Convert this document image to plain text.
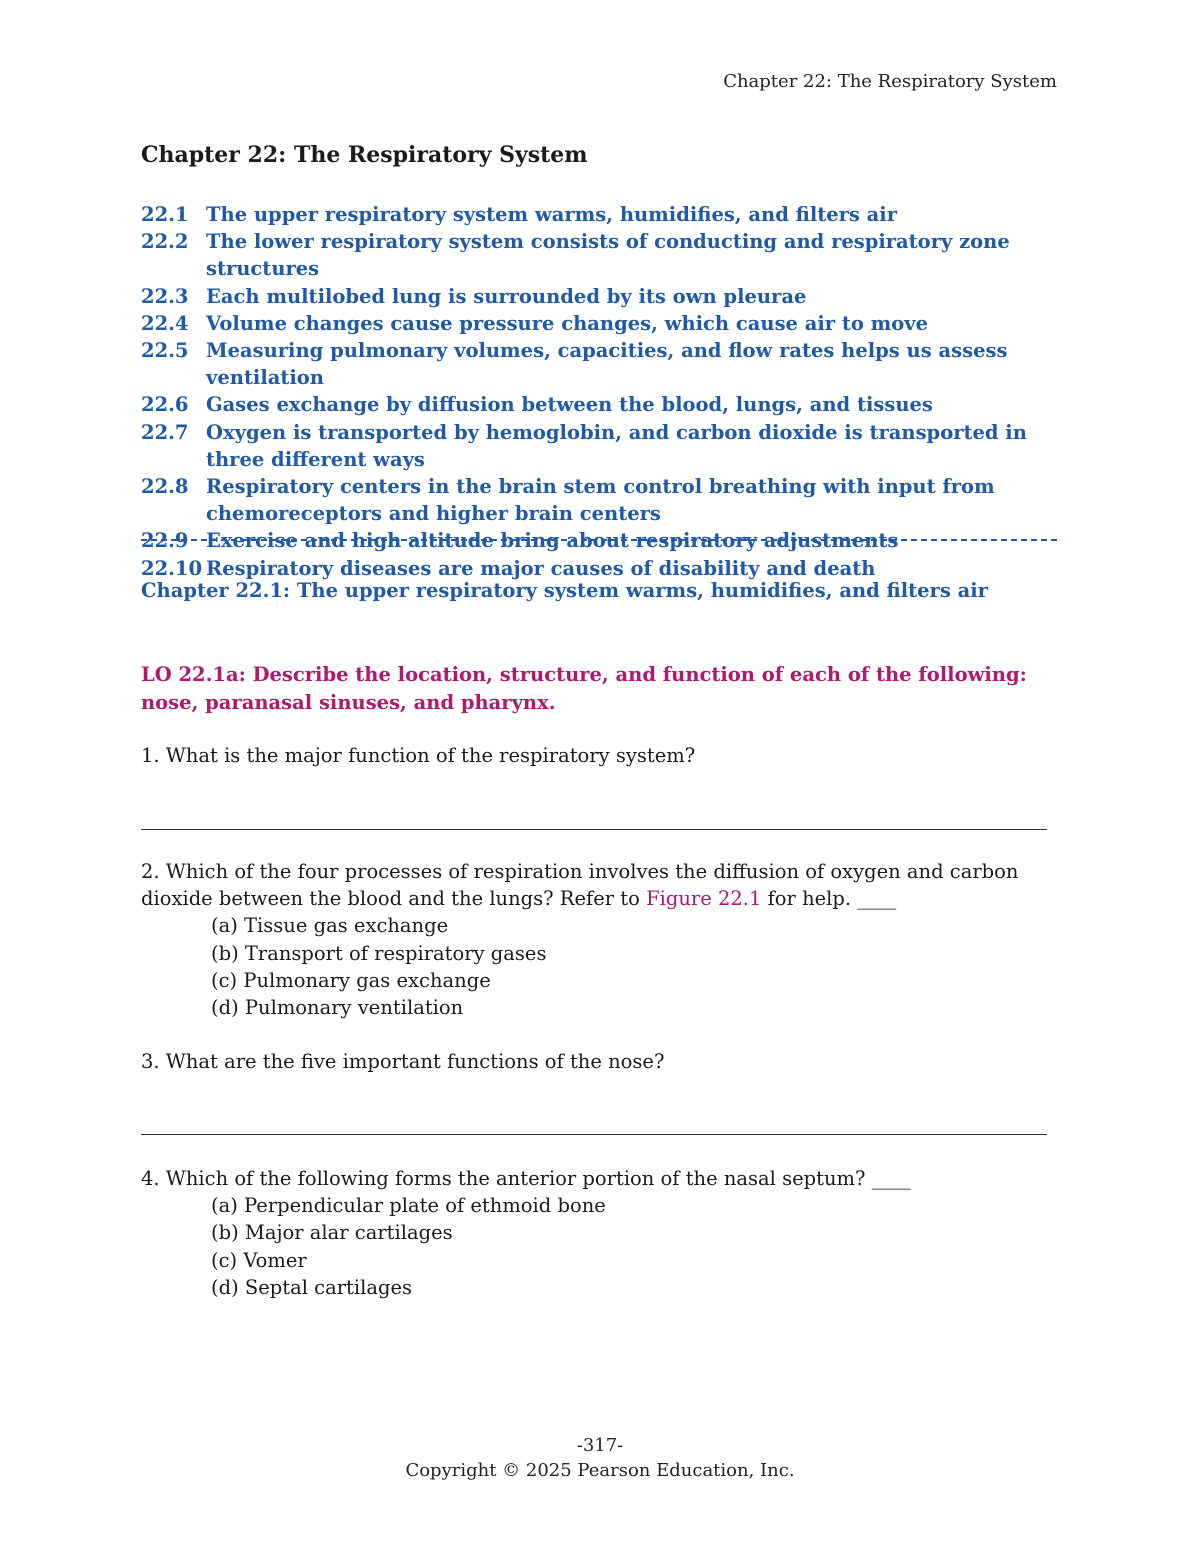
Chapter 22: The Respiratory System
Chapter 22: The Respiratory System
22.1 The upper respiratory system warms, humidifies, and filters air
22.2 The lower respiratory system consists of conducting and respiratory zone structures
22.3 Each multilobed lung is surrounded by its own pleurae
22.4 Volume changes cause pressure changes, which cause air to move
22.5 Measuring pulmonary volumes, capacities, and flow rates helps us assess ventilation
22.6 Gases exchange by diffusion between the blood, lungs, and tissues
22.7 Oxygen is transported by hemoglobin, and carbon dioxide is transported in three different ways
22.8 Respiratory centers in the brain stem control breathing with input from chemoreceptors and higher brain centers
22.9 Exercise and high altitude bring about respiratory adjustments
22.10 Respiratory diseases are major causes of disability and death
Chapter 22.1: The upper respiratory system warms, humidifies, and filters air
LO 22.1a: Describe the location, structure, and function of each of the following: nose, paranasal sinuses, and pharynx.
1. What is the major function of the respiratory system?
2. Which of the four processes of respiration involves the diffusion of oxygen and carbon dioxide between the blood and the lungs? Refer to Figure 22.1 for help. ____
(a) Tissue gas exchange
(b) Transport of respiratory gases
(c) Pulmonary gas exchange
(d) Pulmonary ventilation
3. What are the five important functions of the nose?
4. Which of the following forms the anterior portion of the nasal septum? ____
(a) Perpendicular plate of ethmoid bone
(b) Major alar cartilages
(c) Vomer
(d) Septal cartilages
-317-
Copyright © 2025 Pearson Education, Inc.
